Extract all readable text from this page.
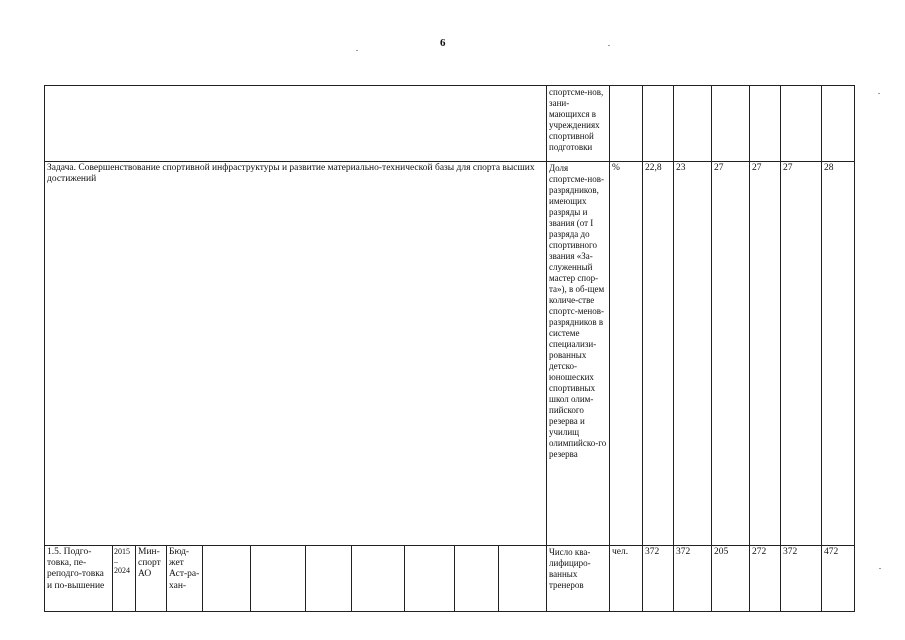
6
											спортсме-нов, зани-мающихся в учреждениях спортивной подготовки							
Задача. Совершенствование спортивной инфраструктуры и развитие материально-технической базы для спорта высших достижений											Доля спортсме-нов-разрядников, имеющих разряды и звания (от I разряда до спортивного звания «За-служенный мастер спор-та»), в об-щем количе-стве спортс-менов-разрядников в системе специализи-рованных детско-юношеских спортивных школ олим-пийского резерва и училищ олимпийско-го резерва	%	22,8	23	27	27	27	28
1.5. Подго-товка, пе-реподго-товка и по-вышение	2015 – 2024	Мин-спорт АО	Бюд-жет Аст-ра-хан-								Число ква-лифициро-ванных тренеров	чел.	372	372	205	272	372	472
